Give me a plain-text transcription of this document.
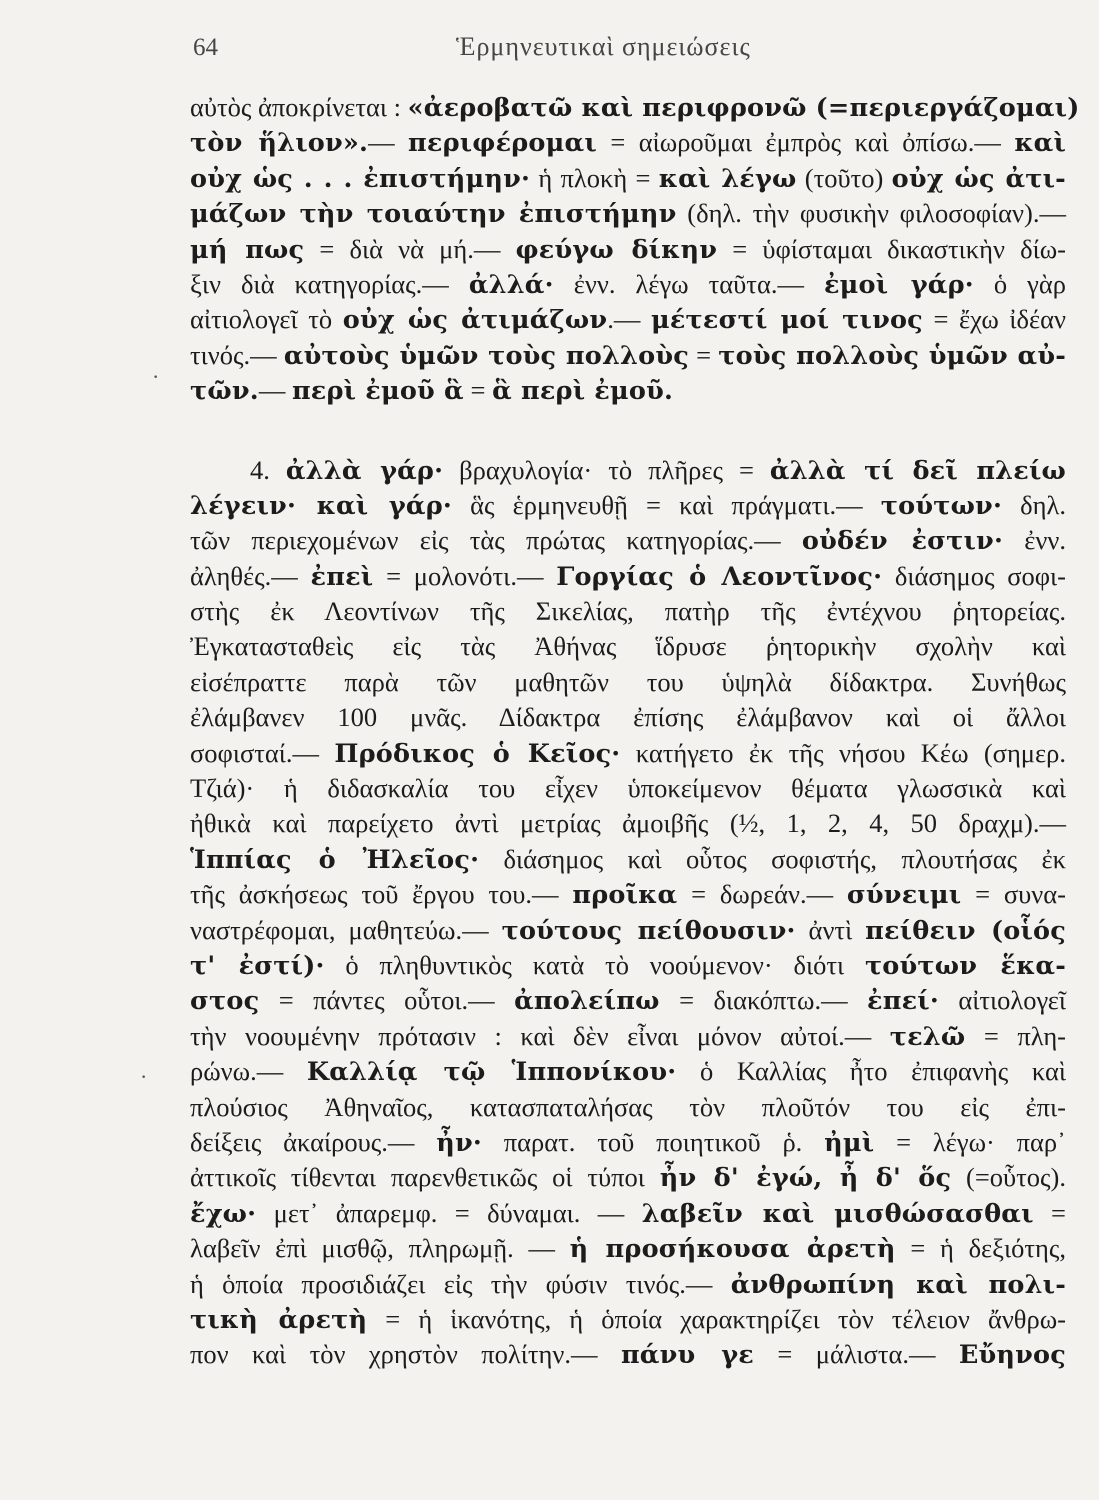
64	Ἑρμηνευτικαὶ σημειώσεις
·
·
αὐτὸς ἀποκρίνεται : «ἀεροβατῶ καὶ περιφρονῶ (=περιεργάζομαι)
τὸν ἥλιον».— περιφέρομαι = αἰωροῦμαι ἐμπρὸς καὶ ὀπίσω.— καὶ
οὐχ ὡς . . . ἐπιστήμην· ἡ πλοκὴ = καὶ λέγω (τοῦτο) οὐχ ὡς ἀτι-
μάζων τὴν τοιαύτην ἐπιστήμην (δηλ. τὴν φυσικὴν φιλοσοφίαν).—
μή πως = διὰ νὰ μή.— φεύγω δίκην = ὑφίσταμαι δικαστικὴν δίω-
ξιν διὰ κατηγορίας.— ἀλλά· ἐνν. λέγω ταῦτα.— ἐμοὶ γάρ· ὁ γὰρ
αἰτιολογεῖ τὸ οὐχ ὡς ἀτιμάζων.— μέτεστί μοί τινος = ἔχω ἰδέαν
τινός.— αὐτοὺς ὑμῶν τοὺς πολλοὺς = τοὺς πολλοὺς ὑμῶν αὐ-
τῶν.— περὶ ἐμοῦ ἃ = ἃ περὶ ἐμοῦ.
4. ἀλλὰ γάρ· βραχυλογία· τὸ πλῆρες = ἀλλὰ τί δεῖ πλείω
λέγειν· καὶ γάρ· ἃς ἑρμηνευθῇ = καὶ πράγματι.— τούτων· δηλ.
τῶν περιεχομένων εἰς τὰς πρώτας κατηγορίας.— οὐδέν ἐστιν· ἐνν.
ἀληθές.— ἐπεὶ = μολονότι.— Γοργίας ὁ Λεοντῖνος· διάσημος σοφι-
στὴς ἐκ Λεοντίνων τῆς Σικελίας, πατὴρ τῆς ἐντέχνου ῥητορείας.
Ἐγκατασταθεὶς εἰς τὰς Ἀθήνας ἵδρυσε ῥητορικὴν σχολὴν καὶ
εἰσέπραττε παρὰ τῶν μαθητῶν του ὑψηλὰ δίδακτρα. Συνήθως
ἐλάμβανεν 100 μνᾶς. Δίδακτρα ἐπίσης ἐλάμβανον καὶ οἱ ἄλλοι
σοφισταί.— Πρόδικος ὁ Κεῖος· κατήγετο ἐκ τῆς νήσου Κέω (σημερ.
Τζιά)· ἡ διδασκαλία του εἶχεν ὑποκείμενον θέματα γλωσσικὰ καὶ
ἠθικὰ καὶ παρείχετο ἀντὶ μετρίας ἀμοιβῆς (½, 1, 2, 4, 50 δραχμ).—
Ἱππίας ὁ Ἠλεῖος· διάσημος καὶ οὗτος σοφιστής, πλουτήσας ἐκ
τῆς ἀσκήσεως τοῦ ἔργου του.— προῖκα = δωρεάν.— σύνειμι = συνα-
ναστρέφομαι, μαθητεύω.— τούτους πείθουσιν· ἀντὶ πείθειν (οἷός
τ' ἐστί)· ὁ πληθυντικὸς κατὰ τὸ νοούμενον· διότι τούτων ἕκα-
στος = πάντες οὗτοι.— ἀπολείπω = διακόπτω.— ἐπεί· αἰτιολογεῖ
τὴν νοουμένην πρότασιν : καὶ δὲν εἶναι μόνον αὐτοί.— τελῶ = πλη-
ρώνω.— Καλλίᾳ τῷ Ἱππονίκου· ὁ Καλλίας ἦτο ἐπιφανὴς καὶ
πλούσιος Ἀθηναῖος, κατασπαταλήσας τὸν πλοῦτόν του εἰς ἐπι-
δείξεις ἀκαίρους.— ἦν· παρατ. τοῦ ποιητικοῦ ῥ. ἠμὶ = λέγω· παρ᾽
ἀττικοῖς τίθενται παρενθετικῶς οἱ τύποι ἦν δ' ἐγώ, ἦ δ' ὅς (=οὗτος).
ἔχω· μετ᾽ ἀπαρεμφ. = δύναμαι. — λαβεῖν καὶ μισθώσασθαι =
λαβεῖν ἐπὶ μισθῷ, πληρωμῇ. — ἡ προσήκουσα ἀρετὴ = ἡ δεξιότης,
ἡ ὁποία προσιδιάζει εἰς τὴν φύσιν τινός.— ἀνθρωπίνη καὶ πολι-
τικὴ ἀρετὴ = ἡ ἱκανότης, ἡ ὁποία χαρακτηρίζει τὸν τέλειον ἄνθρω-
πον καὶ τὸν χρηστὸν πολίτην.— πάνυ γε = μάλιστα.— Εὔηνος
